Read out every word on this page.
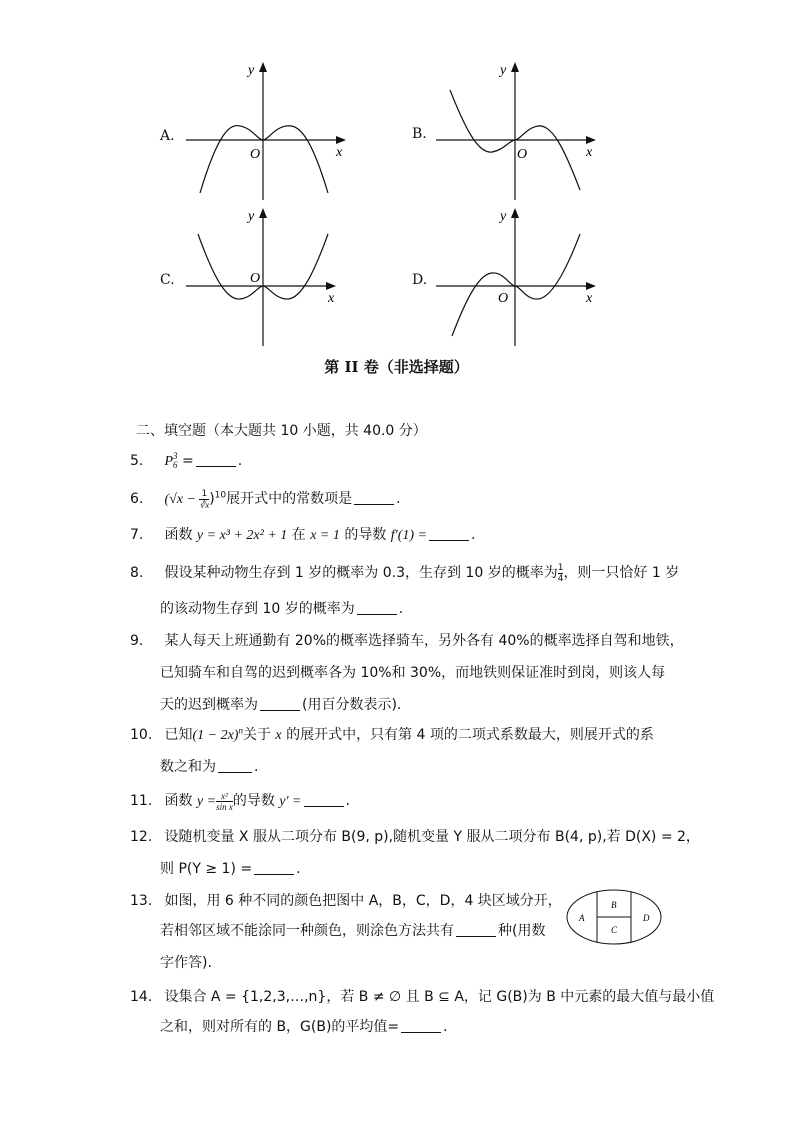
A.
y
x
O
B.
y
x
O
C.
y
x
O	D.
y
x
O
第 II 卷（非选择题）
二、填空题（本大题共 10 小题，共 40.0 分）
5. P 3
6 =	.
6. $(√x - \frac{1}{∛x} )^{10}$展开式中的常数项是	.
7. 函数 y = x³ + 2x² + 1 在 x = 1 的导数 f′(1) =	.
8. 假设某种动物生存到 1 岁的概率为 0.3，生存到 10 岁的概率为 $\frac{1}{4}$ ，则一只恰好 1 岁
的该动物生存到 10 岁的概率为	.
9. 某人每天上班通勤有 20%的概率选择骑车，另外各有 40%的概率选择自驾和地铁，
已知骑车和自驾的迟到概率各为 10%和 30%，而地铁则保证准时到岗，则该人每
天的迟到概率为	(用百分数表示).
10. 已知$(1 - 2x)^n$关于 x 的展开式中，只有第 4 项的二项式系数最大，则展开式的系
数之和为	.
11. 函数 $y = \frac{\text{x²}}{\text{sin x}}$ 的导数 y′ =	.
12. 设随机变量 X 服从二项分布 B(9, p),随机变量 Y 服从二项分布 B(4, p),若 D(X) = 2，
则 P(Y ≥ 1) =	.
13. 如图，用 6 种不同的颜色把图中 A，B，C，D，4 块区域分开，
若相邻区域不能涂同一种颜色，则涂色方法共有	种(用数
字作答).
A
B
C
D
14. 设集合 A = {1,2,3,…,n}，若 B ≠ ∅ 且 B ⊆ A，记 G(B)为 B 中元素的最大值与最小值
之和，则对所有的 B，G(B)的平均值=	.
